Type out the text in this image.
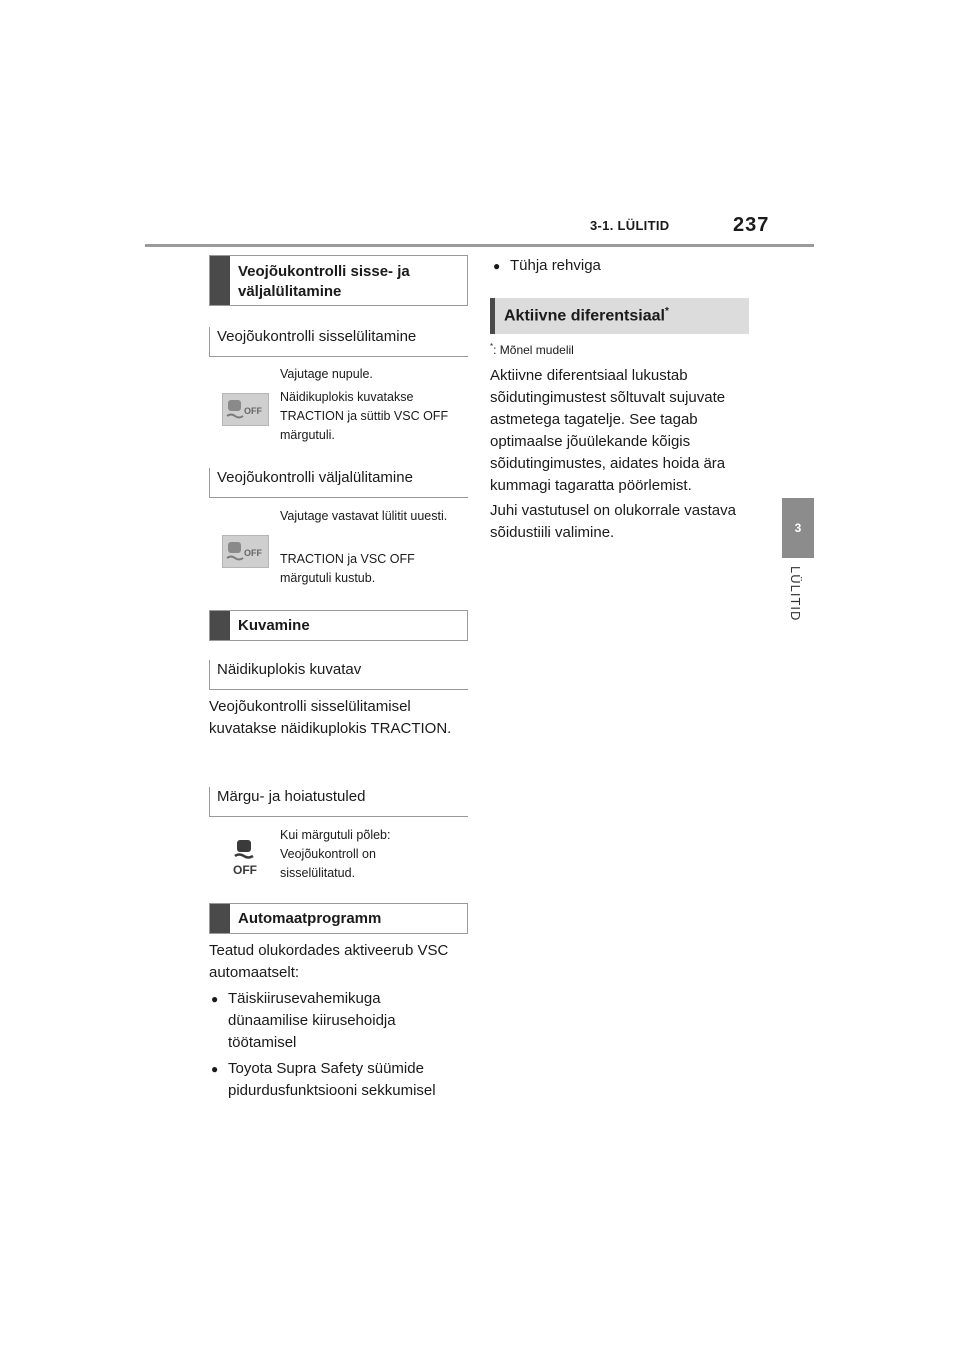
3-1. LÜLITID	237
3
LÜLITID
Veojõukontrolli sisse- ja väljalülitamine
Veojõukontrolli sisselülitamine
Vajutage nupule.
OFF
Näidikuplokis kuvatakse TRACTION ja süttib VSC OFF märgutuli.
Veojõukontrolli väljalülitamine
Vajutage vastavat lülitit uuesti.
OFF TRACTION ja VSC OFF märgutuli kustub.
Kuvamine
Näidikuplokis kuvatav
Veojõukontrolli sisselülitamisel kuvatakse näidikuplokis TRACTION.
Märgu- ja hoiatustuled
OFF
Kui märgutuli põleb: Veojõukontroll on sisselülitatud.
Automaatprogramm
Teatud olukordades aktiveerub VSC automaatselt:
● Täiskiirusevahemikuga dünaamilise kiirusehoidja töötamisel
● Toyota Supra Safety süümide pidurdusfunktsiooni sekkumisel
● Tühja rehviga
Aktiivne diferentsiaal*
*: Mõnel mudelil
Aktiivne diferentsiaal lukustab sõidutingimustest sõltuvalt sujuvate astmetega tagatelje. See tagab optimaalse jõuülekande kõigis sõidutingimustes, aidates hoida ära kummagi tagaratta pöörlemist.
Juhi vastutusel on olukorrale vastava sõidustiili valimine.
